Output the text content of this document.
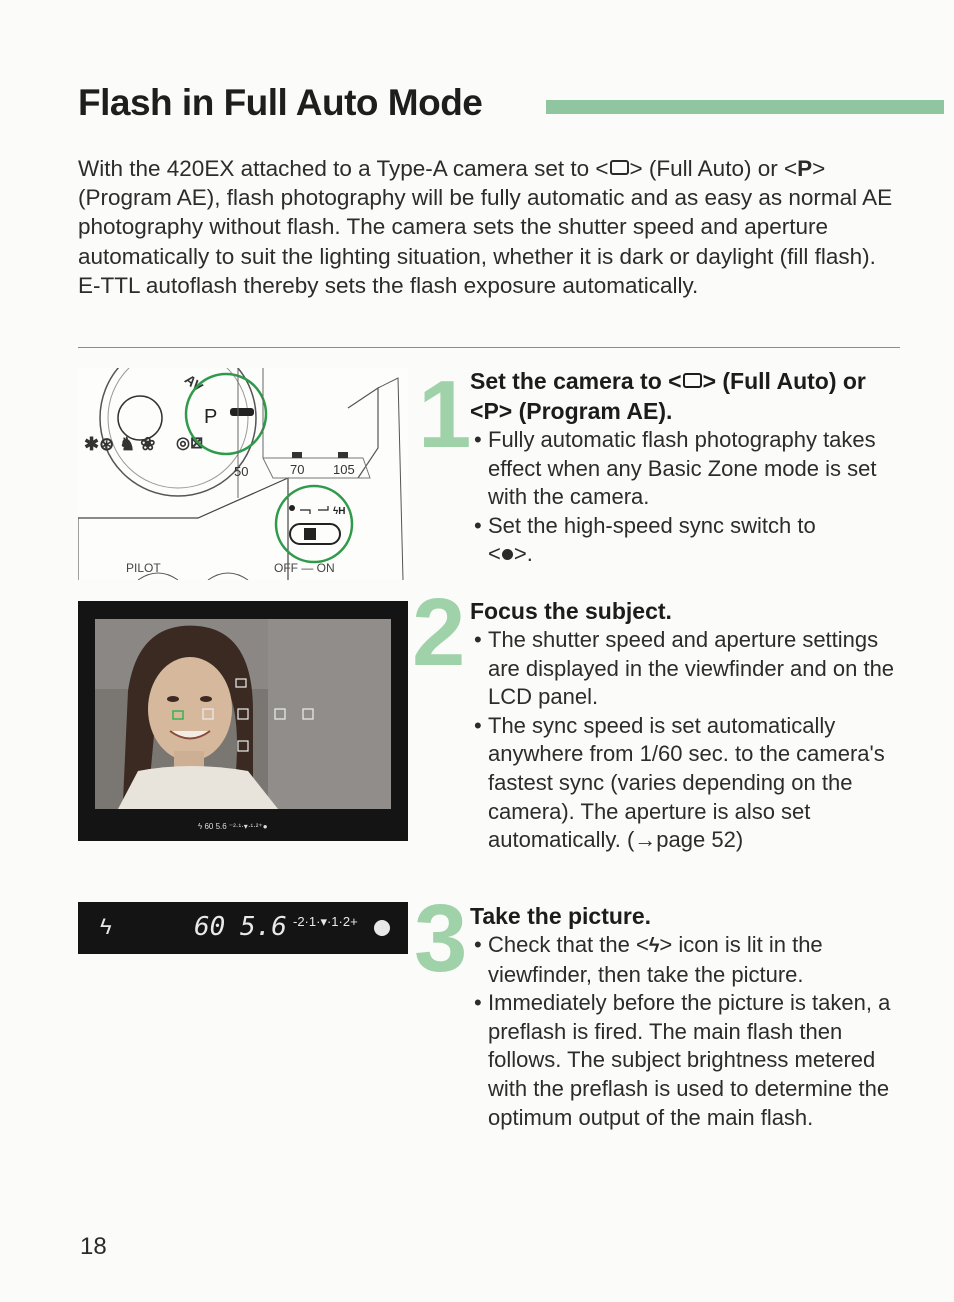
Flash in Full Auto Mode
With the 420EX attached to a Type-A camera set to < > (Full Auto) or <P> (Program AE), flash photography will be fully automatic and as easy as normal AE photography without flash. The camera sets the shutter speed and aperture automatically to suit the lighting situation, whether it is dark or daylight (fill flash). E-TTL autoflash thereby sets the flash exposure automatically.
✱⊛ ♞ ❀
AV
P
◎⊠
50	70 105
ϟH
PILOT	OFF — ON
ϟ 60 5.6 ⁻²·¹·▾·¹·²⁺●
ϟ	60 5.6 -2·1·▾·1·2+
1
2
3
Set the camera to < > (Full Auto) or <P> (Program AE).
• Fully automatic flash photography takes effect when any Basic Zone mode is set with the camera.
• Set the high-speed sync switch to
< >.
Focus the subject.
• The shutter speed and aperture settings are displayed in the viewfinder and on the LCD panel.
• The sync speed is set automatically anywhere from 1/60 sec. to the camera's fastest sync (varies depending on the camera). The aperture is also set automatically. (→page 52)
Take the picture.
• Check that the <ϟ> icon is lit in the viewfinder, then take the picture.
• Immediately before the picture is taken, a preflash is fired. The main flash then follows. The subject brightness metered with the preflash is used to determine the optimum output of the main flash.
18
